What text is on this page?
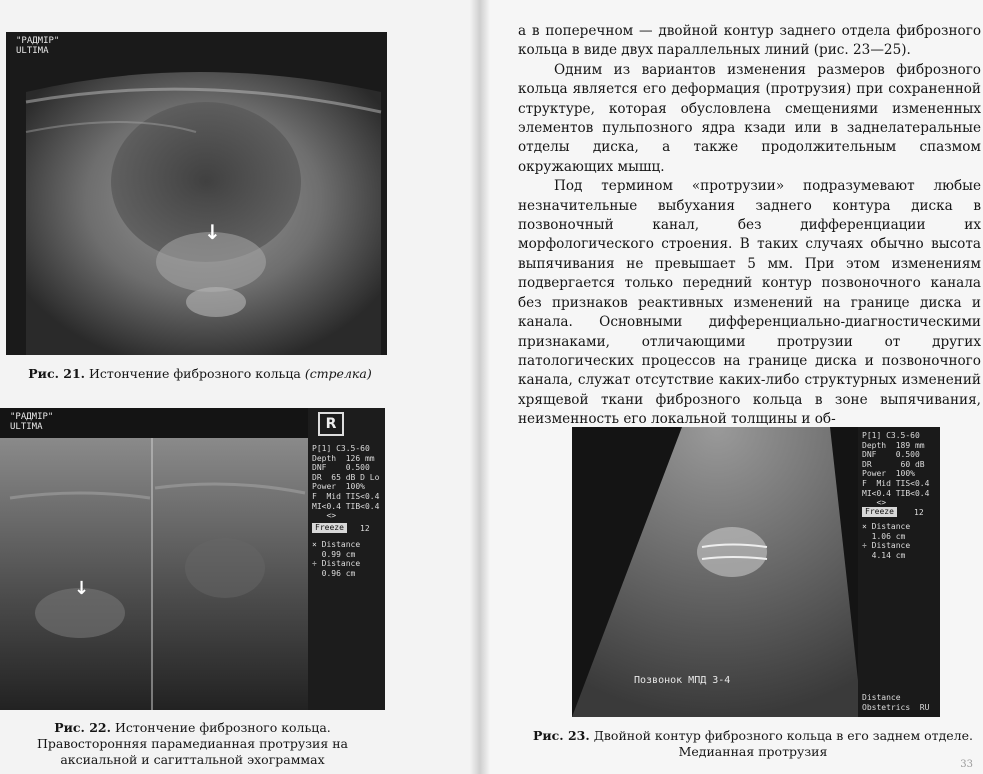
"РАДМІР"
ULTIMA
↓
Рис. 21. Истончение фиброзного кольца (стрелка)
"РАДМІР"
ULTIMA	R
P[1] C3.5-60
Depth  126 mm
DNF    0.500
DR  65 dB D Lo
Power  100%
F  Mid TIS<0.4
MI<0.4 TIB<0.4
<>
Freeze	12
× Distance
0.99 cm
÷ Distance
0.96 cm
↓
Рис. 22. Истончение фиброзного кольца. Правосторонняя парамедианная протрузия на аксиальной и сагиттальной эхограммах

а в поперечном — двойной контур заднего отдела фиброзного кольца в виде двух параллельных линий (рис. 23—25).

Одним из вариантов изменения размеров фиброзного кольца является его деформация (протрузия) при сохраненной структуре, которая обусловлена смещениями измененных элементов пульпозного ядра кзади или в заднелатеральные отделы диска, а также продолжительным спазмом окружающих мышц.

Под термином «протрузии» подразумевают любые незначительные выбухания заднего контура диска в позвоночный канал, без дифференциации их морфологического строения. В таких случаях обычно высота выпячивания не превышает 5 мм. При этом изменениям подвергается только передний контур позвоночного канала без признаков реактивных изменений на границе диска и канала. Основными дифференциально-диагностическими признаками, отличающими протрузии от других патологических процессов на границе диска и позвоночного канала, служат отсутствие каких-либо структурных изменений хрящевой ткани фиброзного кольца в зоне выпячивания, неизменность его локальной толщины и об-

P[1] C3.5-60
Depth  189 mm
DNF    0.500
DR      60 dB
Power  100%
F  Mid TIS<0.4
MI<0.4 TIB<0.4
<>
Freeze	12
× Distance
1.06 cm
÷ Distance
4.14 cm
Distance
Obstetrics  RU
Позвонок МПД 3-4
Рис. 23. Двойной контур фиброзного кольца в его заднем отделе. Медианная протрузия
33
